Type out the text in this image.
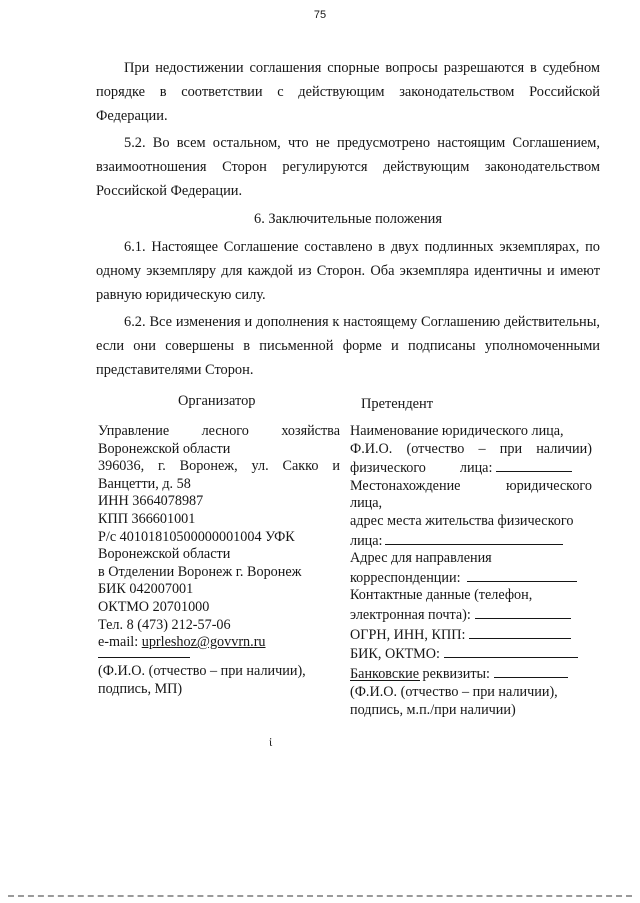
75

При недостижении соглашения спорные вопросы разрешаются в судебном порядке в соответствии с действующим законодательством Российской Федерации.

5.2. Во всем остальном, что не предусмотрено настоящим Соглашением, взаимоотношения Сторон регулируются действующим законодательством Российской Федерации.

6. Заключительные положения

6.1. Настоящее Соглашение составлено в двух подлинных экземплярах, по одному экземпляру для каждой из Сторон. Оба экземпляра идентичны и имеют равную юридическую силу.

6.2. Все изменения и дополнения к настоящему Соглашению действительны, если они совершены в письменной форме и подписаны уполномоченными представителями Сторон.

Организатор	Претендент
Управление лесного хозяйства
Воронежской области
396036, г. Воронеж, ул. Сакко и
Ванцетти, д. 58
ИНН 3664078987
КПП 366601001
Р/с 40101810500000001004 УФК
Воронежской области
в Отделении Воронеж г. Воронеж
БИК 042007001
ОКТМО 20701000
Тел. 8 (473) 212-57-06
e-mail: uprleshoz@govvrn.ru
(Ф.И.О. (отчество – при наличии),
подпись, МП)
Наименование юридического лица,
Ф.И.О. (отчество – при наличии)
физического лица:
Местонахождение	юридического
лица,
адрес места жительства физического
лица:
Адрес для направления
корреспонденции:
Контактные данные (телефон,
электронная почта):
ОГРН, ИНН, КПП:
БИК, ОКТМО:
Банковские реквизиты:
(Ф.И.О. (отчество – при наличии),
подпись, м.п./при наличии)
ἰ
